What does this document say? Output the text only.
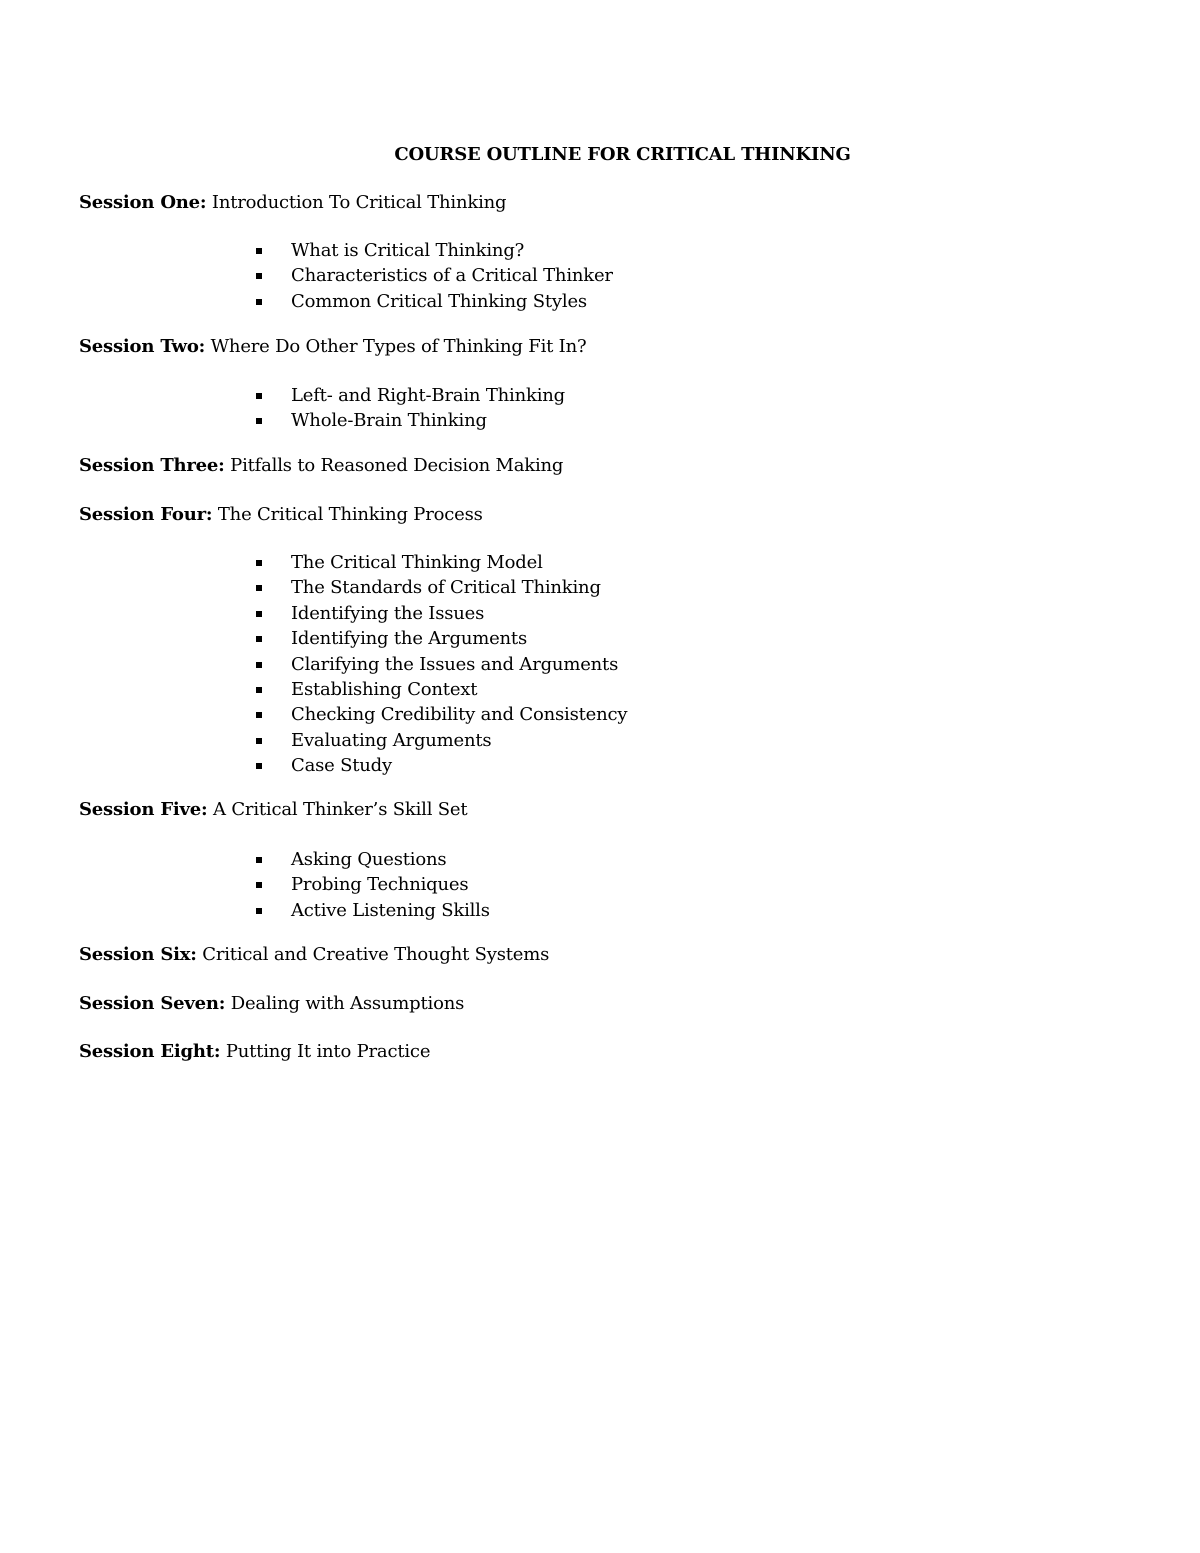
COURSE OUTLINE FOR CRITICAL THINKING
Session One: Introduction To Critical Thinking
What is Critical Thinking?
Characteristics of a Critical Thinker
Common Critical Thinking Styles
Session Two: Where Do Other Types of Thinking Fit In?
Left- and Right-Brain Thinking
Whole-Brain Thinking
Session Three: Pitfalls to Reasoned Decision Making
Session Four: The Critical Thinking Process
The Critical Thinking Model
The Standards of Critical Thinking
Identifying the Issues
Identifying the Arguments
Clarifying the Issues and Arguments
Establishing Context
Checking Credibility and Consistency
Evaluating Arguments
Case Study
Session Five: A Critical Thinker’s Skill Set
Asking Questions
Probing Techniques
Active Listening Skills
Session Six: Critical and Creative Thought Systems
Session Seven: Dealing with Assumptions
Session Eight: Putting It into Practice
